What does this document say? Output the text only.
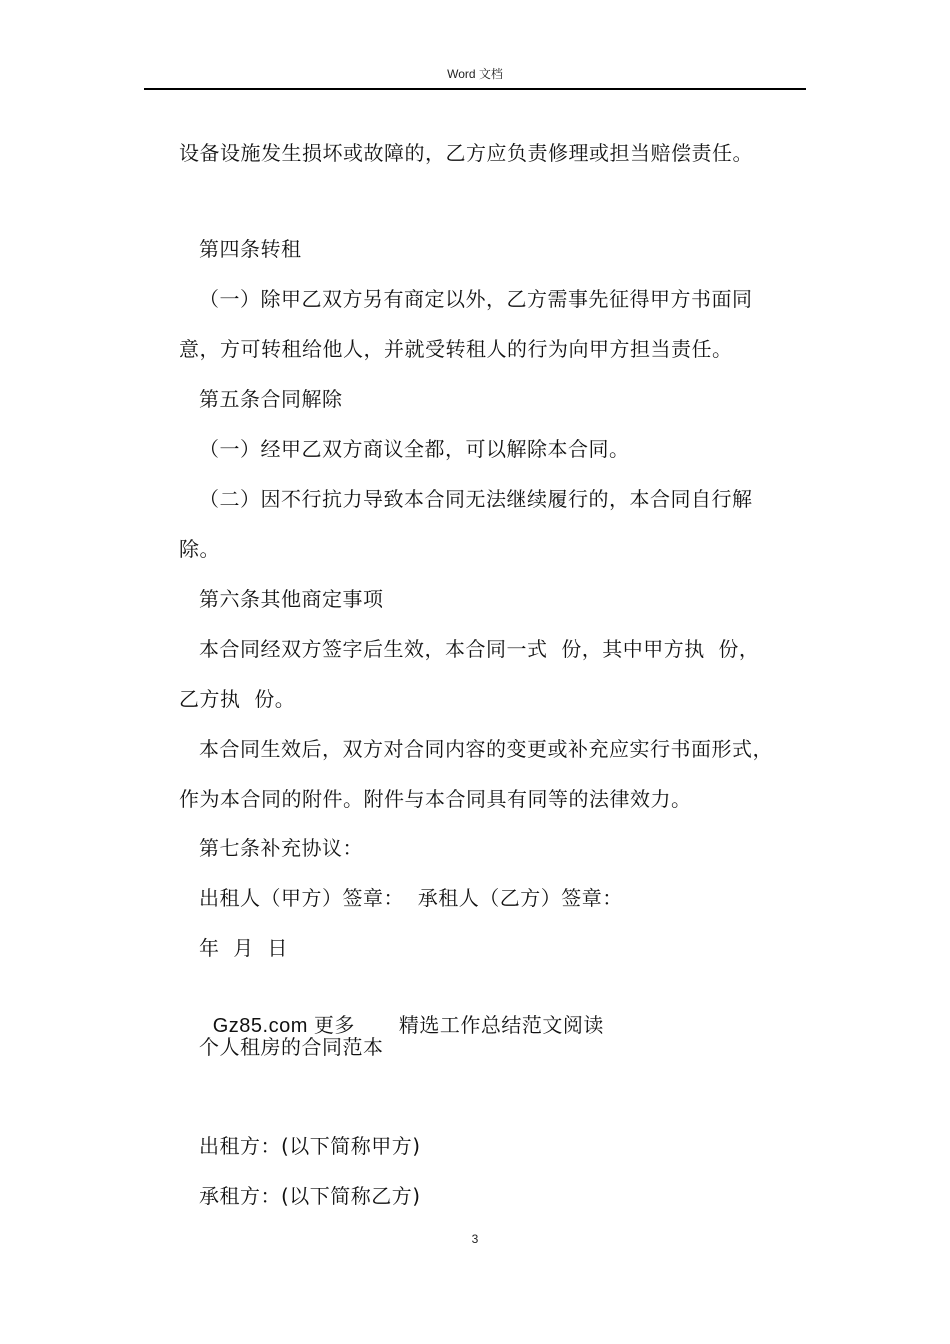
Word 文档
设备设施发生损坏或故障的，乙方应负责修理或担当赔偿责任。
第四条转租
（一）除甲乙双方另有商定以外，乙方需事先征得甲方书面同
意，方可转租给他人，并就受转租人的行为向甲方担当责任。
第五条合同解除
（一）经甲乙双方商议全都，可以解除本合同。
（二）因不行抗力导致本合同无法继续履行的，本合同自行解
除。
第六条其他商定事项
本合同经双方签字后生效，本合同一式  份，其中甲方执  份，
乙方执  份。
本合同生效后，双方对合同内容的变更或补充应实行书面形式，
作为本合同的附件。附件与本合同具有同等的法律效力。
第七条补充协议：
出租人（甲方）签章：  承租人（乙方）签章：
年  月  日

Gz85.com 更多 精选工作总结范文阅读

个人租房的合同范本
出租方：(以下简称甲方)
承租方：(以下简称乙方)
3
